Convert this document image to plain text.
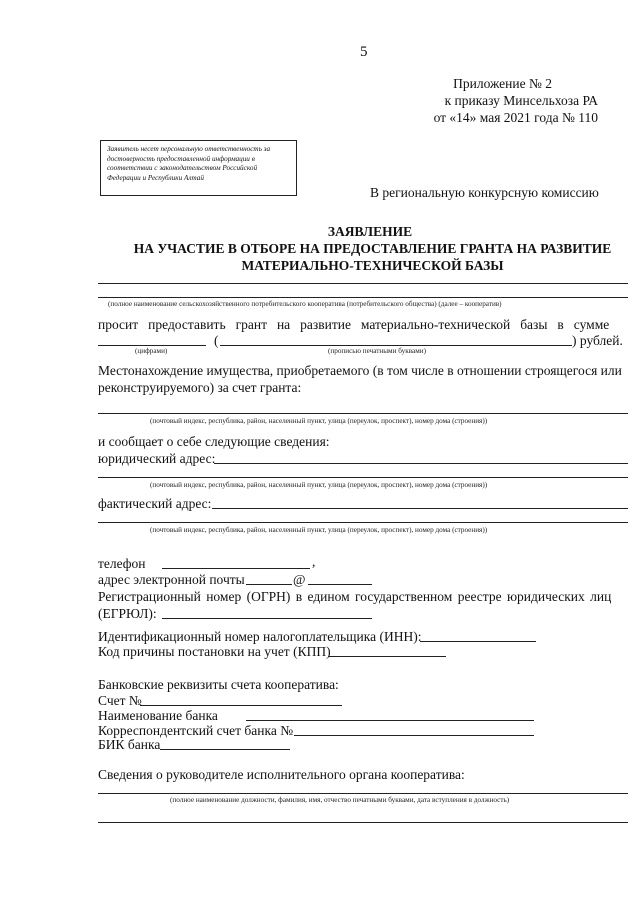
5
Приложение № 2
к приказу Минсельхоза РА
от «14» мая 2021 года № 110
Заявитель несет персональную ответственность за достоверность предоставленной информации в соответствии с законодательством Российской Федерации и Республики Алтай
В региональную конкурсную комиссию
ЗАЯВЛЕНИЕ
НА УЧАСТИЕ В ОТБОРЕ НА ПРЕДОСТАВЛЕНИЕ ГРАНТА НА РАЗВИТИЕ
МАТЕРИАЛЬНО-ТЕХНИЧЕСКОЙ БАЗЫ
(полное наименование сельскохозяйственного потребительского кооператива (потребительского общества) (далее – кооператив)
просит предоставить грант на развитие материально-технической базы в сумме
(	) рублей.
(цифрами)	(прописью печатными буквами)
Местонахождение имущества, приобретаемого (в том числе в отношении строящегося или
реконструируемого) за счет гранта:
(почтовый индекс, республика, район, населенный пункт, улица (переулок, проспект), номер дома (строения))
и сообщает о себе следующие сведения:
юридический адрес:
(почтовый индекс, республика, район, населенный пункт, улица (переулок, проспект), номер дома (строения))
фактический адрес:
(почтовый индекс, республика, район, населенный пункт, улица (переулок, проспект), номер дома (строения))
телефон	,
адрес электронной почты	@
Регистрационный номер (ОГРН) в едином государственном реестре юридических лиц
(ЕГРЮЛ):
Идентификационный номер налогоплательщика (ИНН):
Код причины постановки на учет (КПП)
Банковские реквизиты счета кооператива:
Счет №
Наименование банка
Корреспондентский счет банка №
БИК банка
Сведения о руководителе исполнительного органа кооператива:
(полное наименование должности, фамилия, имя, отчество печатными буквами, дата вступления в должность)
